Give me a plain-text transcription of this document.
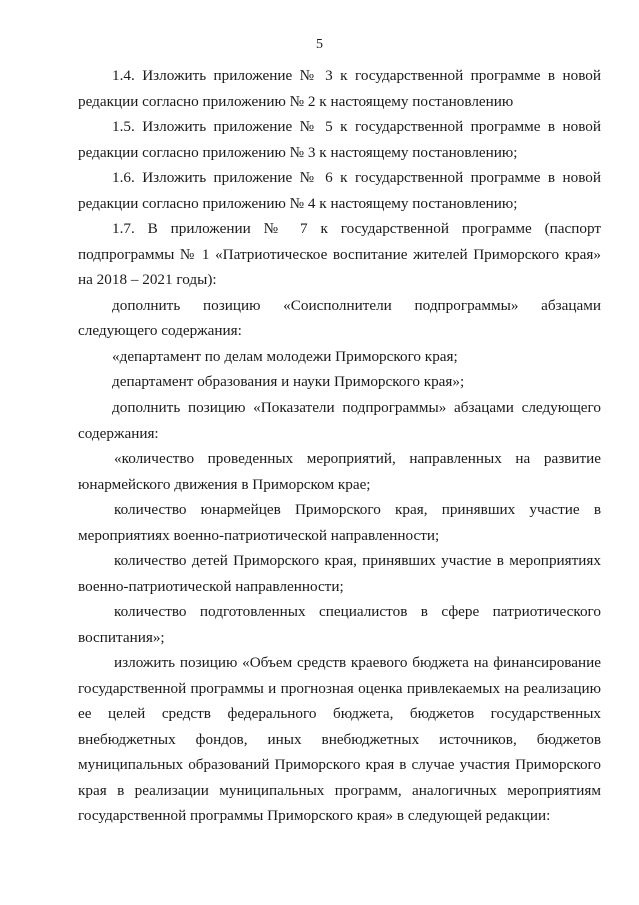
5
1.4. Изложить приложение № 3 к государственной программе в новой
редакции согласно приложению № 2 к настоящему постановлению
1.5. Изложить приложение № 5 к государственной программе в новой
редакции согласно приложению № 3 к настоящему постановлению;
1.6. Изложить приложение № 6 к государственной программе в новой
редакции согласно приложению № 4 к настоящему постановлению;
1.7. В приложении № 7 к государственной программе (паспорт
подпрограммы № 1 «Патриотическое воспитание жителей Приморского края»
на 2018 – 2021 годы):
дополнить позицию «Соисполнители подпрограммы» абзацами
следующего содержания:
«департамент по делам молодежи Приморского края;
департамент образования и науки Приморского края»;
дополнить позицию «Показатели подпрограммы» абзацами следующего
содержания:
«количество проведенных мероприятий, направленных на развитие
юнармейского движения в Приморском крае;
количество юнармейцев Приморского края, принявших участие в
мероприятиях военно-патриотической направленности;
количество детей Приморского края, принявших участие в мероприятиях
военно-патриотической направленности;
количество подготовленных специалистов в сфере патриотического
воспитания»;
изложить позицию «Объем средств краевого бюджета на финансирование
государственной программы и прогнозная оценка привлекаемых на реализацию
ее целей средств федерального бюджета, бюджетов государственных
внебюджетных фондов, иных внебюджетных источников, бюджетов
муниципальных образований Приморского края в случае участия Приморского
края в реализации муниципальных программ, аналогичных мероприятиям
государственной программы Приморского края» в следующей редакции:
